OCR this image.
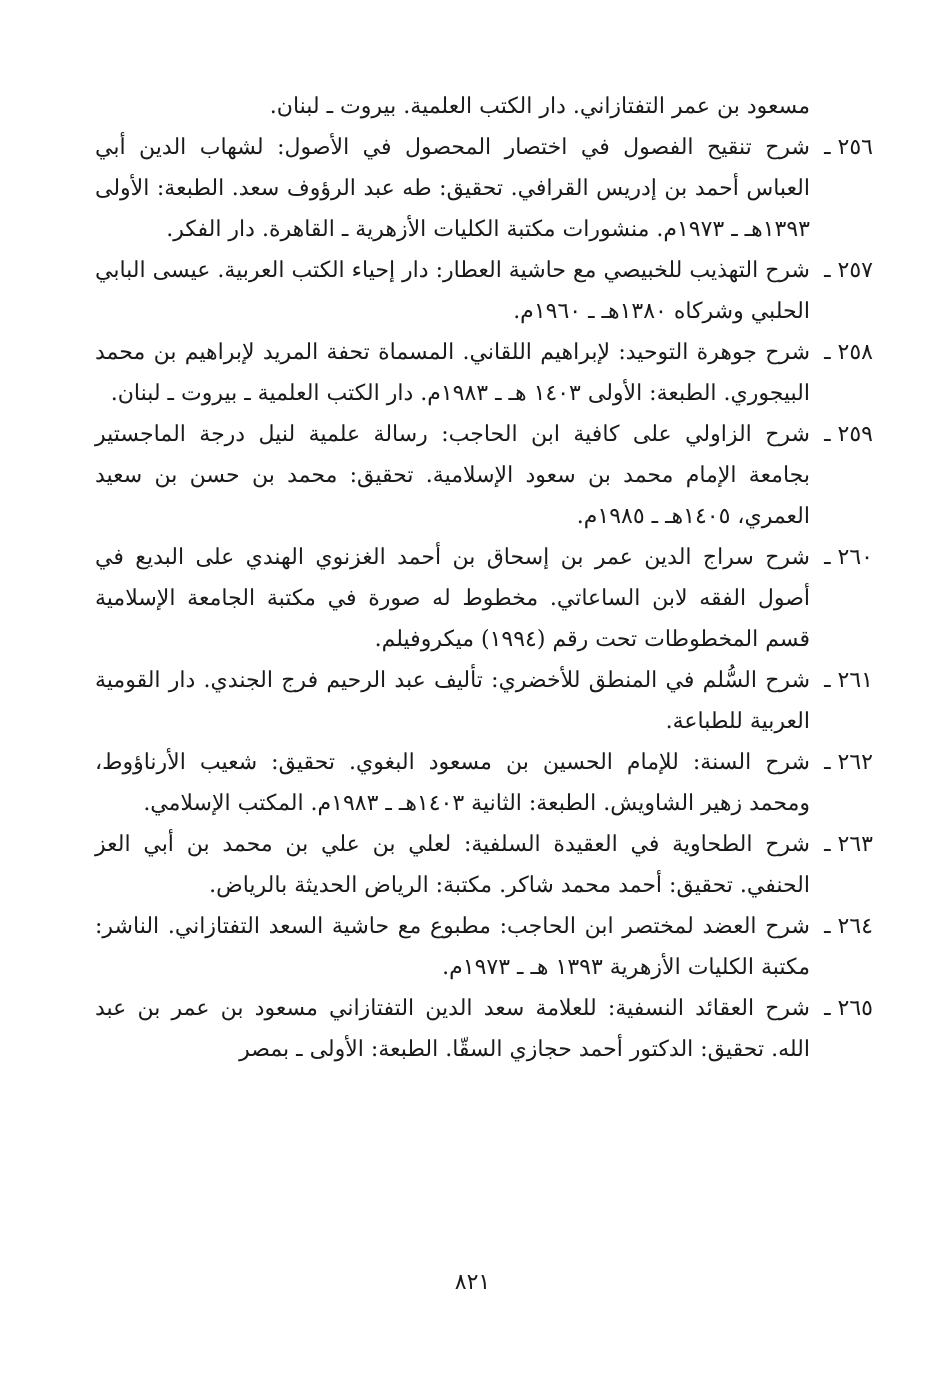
مسعود بن عمر التفتازاني. دار الكتب العلمية. بيروت ـ لبنان.
٢٥٦ ـ
شرح تنقيح الفصول في اختصار المحصول في الأصول: لشهاب الدين أبي العباس أحمد بن إدريس القرافي. تحقيق: طه عبد الرؤوف سعد. الطبعة: الأولى ١٣٩٣هـ ـ ١٩٧٣م. منشورات مكتبة الكليات الأزهرية ـ القاهرة. دار الفكر.
٢٥٧ ـ
شرح التهذيب للخبيصي مع حاشية العطار: دار إحياء الكتب العربية. عيسى البابي الحلبي وشركاه ١٣٨٠هـ ـ ١٩٦٠م.
٢٥٨ ـ
شرح جوهرة التوحيد: لإبراهيم اللقاني. المسماة تحفة المريد لإبراهيم بن محمد البيجوري. الطبعة: الأولى ١٤٠٣ هـ ـ ١٩٨٣م. دار الكتب العلمية ـ بيروت ـ لبنان.
٢٥٩ ـ
شرح الزاولي على كافية ابن الحاجب: رسالة علمية لنيل درجة الماجستير بجامعة الإمام محمد بن سعود الإسلامية. تحقيق: محمد بن حسن بن سعيد العمري، ١٤٠٥هـ ـ ١٩٨٥م.
٢٦٠ ـ
شرح سراج الدين عمر بن إسحاق بن أحمد الغزنوي الهندي على البديع في أصول الفقه لابن الساعاتي. مخطوط له صورة في مكتبة الجامعة الإسلامية قسم المخطوطات تحت رقم (١٩٩٤) ميكروفيلم.
٢٦١ ـ
شرح السُّلم في المنطق للأخضري: تأليف عبد الرحيم فرج الجندي. دار القومية العربية للطباعة.
٢٦٢ ـ
شرح السنة: للإمام الحسين بن مسعود البغوي. تحقيق: شعيب الأرناؤوط، ومحمد زهير الشاويش. الطبعة: الثانية ١٤٠٣هـ ـ ١٩٨٣م. المكتب الإسلامي.
٢٦٣ ـ
شرح الطحاوية في العقيدة السلفية: لعلي بن علي بن محمد بن أبي العز الحنفي. تحقيق: أحمد محمد شاكر. مكتبة: الرياض الحديثة بالرياض.
٢٦٤ ـ
شرح العضد لمختصر ابن الحاجب: مطبوع مع حاشية السعد التفتازاني. الناشر: مكتبة الكليات الأزهرية ١٣٩٣ هـ ـ ١٩٧٣م.
٢٦٥ ـ
شرح العقائد النسفية: للعلامة سعد الدين التفتازاني مسعود بن عمر بن عبد الله. تحقيق: الدكتور أحمد حجازي السقّا. الطبعة: الأولى ـ بمصر
٨٢١
